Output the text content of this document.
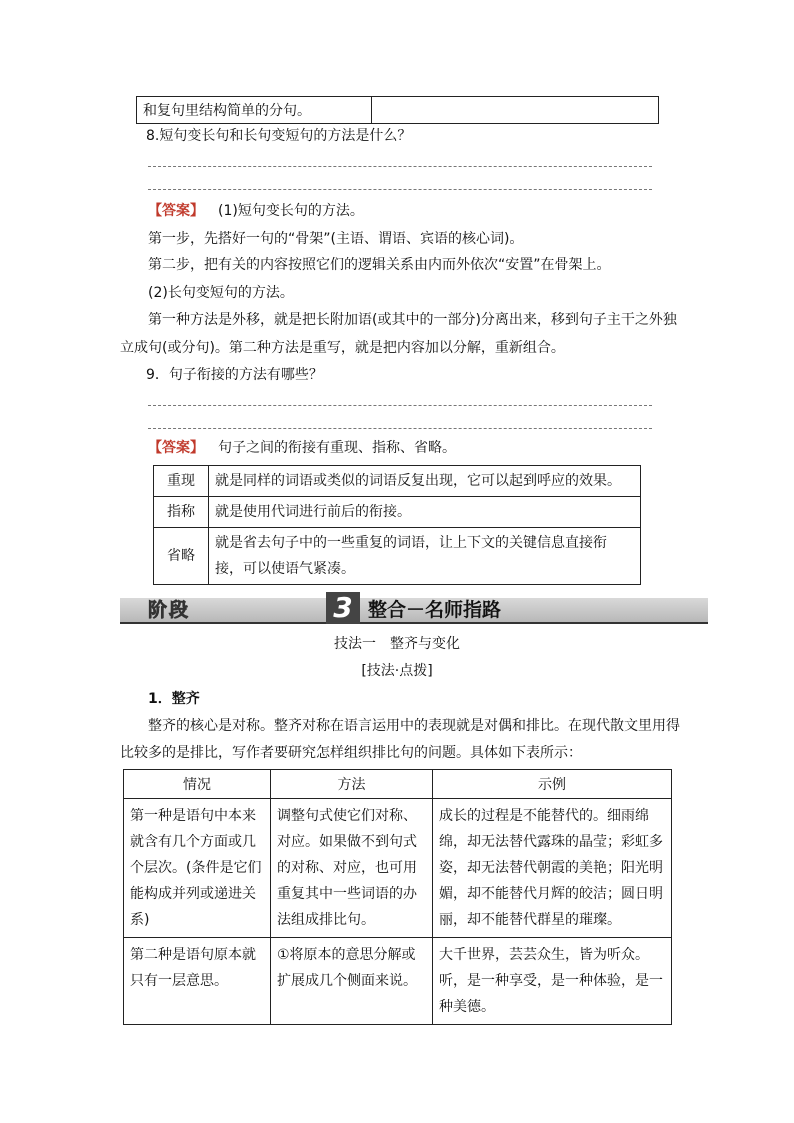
和复句里结构简单的分句。	
8.短句变长句和长句变短句的方法是什么？
【答案】 (1)短句变长句的方法。
第一步，先搭好一句的“骨架”(主语、谓语、宾语的核心词)。
第二步，把有关的内容按照它们的逻辑关系由内而外依次“安置”在骨架上。
(2)长句变短句的方法。
第一种方法是外移，就是把长附加语(或其中的一部分)分离出来，移到句子主干之外独
立成句(或分句)。第二种方法是重写，就是把内容加以分解，重新组合。
9．句子衔接的方法有哪些？
【答案】 句子之间的衔接有重现、指称、省略。
重现	就是同样的词语或类似的词语反复出现，它可以起到呼应的效果。
指称	就是使用代词进行前后的衔接。
省略	就是省去句子中的一些重复的词语，让上下文的关键信息直接衔接，可以使语气紧凑。
阶段	3 整合－名师指路
技法一　整齐与变化
[技法·点拨]
1．整齐
整齐的核心是对称。整齐对称在语言运用中的表现就是对偶和排比。在现代散文里用得
比较多的是排比，写作者要研究怎样组织排比句的问题。具体如下表所示：
情况	方法	示例
第一种是语句中本来就含有几个方面或几个层次。(条件是它们能构成并列或递进关系)	调整句式使它们对称、对应。如果做不到句式的对称、对应，也可用重复其中一些词语的办法组成排比句。	成长的过程是不能替代的。细雨绵绵，却无法替代露珠的晶莹；彩虹多姿，却无法替代朝霞的美艳；阳光明媚，却不能替代月辉的皎洁；圆日明丽，却不能替代群星的璀璨。
第二种是语句原本就只有一层意思。	①将原本的意思分解或扩展成几个侧面来说。	大千世界，芸芸众生，皆为听众。听，是一种享受，是一种体验，是一种美德。
